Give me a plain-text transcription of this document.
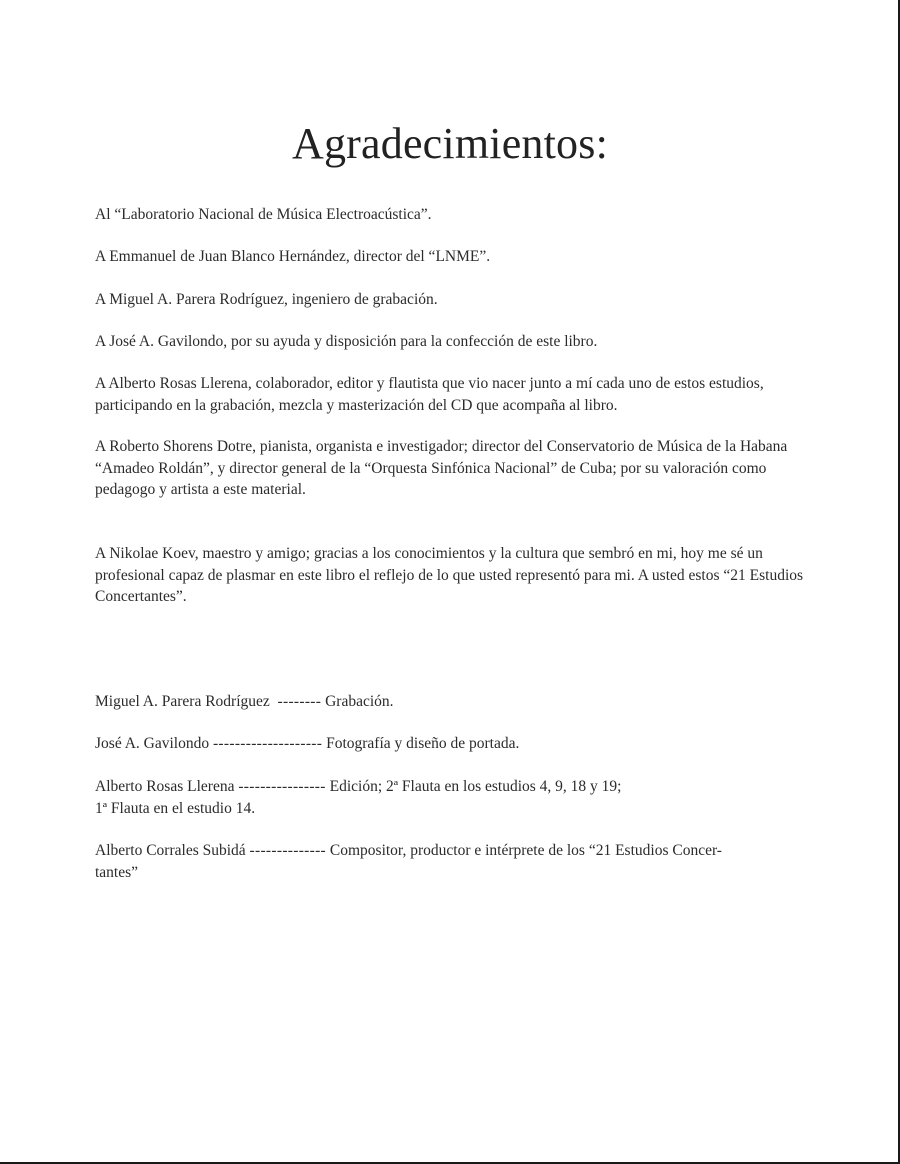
Agradecimientos:

Al “Laboratorio Nacional de Música Electroacústica”.

A Emmanuel de Juan Blanco Hernández, director del “LNME”.

A Miguel A. Parera Rodríguez, ingeniero de grabación.

A José A. Gavilondo, por su ayuda y disposición para la confección de este libro.

A Alberto Rosas Llerena, colaborador, editor y flautista que vio nacer junto a mí cada uno de estos estudios, participando en la grabación, mezcla y masterización del CD que acompaña al libro.

A Roberto Shorens Dotre, pianista, organista e investigador; director del Conservatorio de Música de la Habana “Amadeo Roldán”, y director general de la “Orquesta Sinfónica Nacional” de Cuba; por su valoración como pedagogo y artista a este material.

A Nikolae Koev, maestro y amigo; gracias a los conocimientos y la cultura que sembró en mi, hoy me sé un profesional capaz de plasmar en este libro el reflejo de lo que usted representó para mi. A usted estos “21 Estudios Concertantes”.

Miguel A. Parera Rodríguez -------- Grabación.

José A. Gavilondo -------------------- Fotografía y diseño de portada.

Alberto Rosas Llerena ---------------- Edición; 2ª Flauta en los estudios 4, 9, 18 y 19;
1ª Flauta en el estudio 14.

Alberto Corrales Subidá -------------- Compositor, productor e intérprete de los “21 Estudios Concer-
tantes”
